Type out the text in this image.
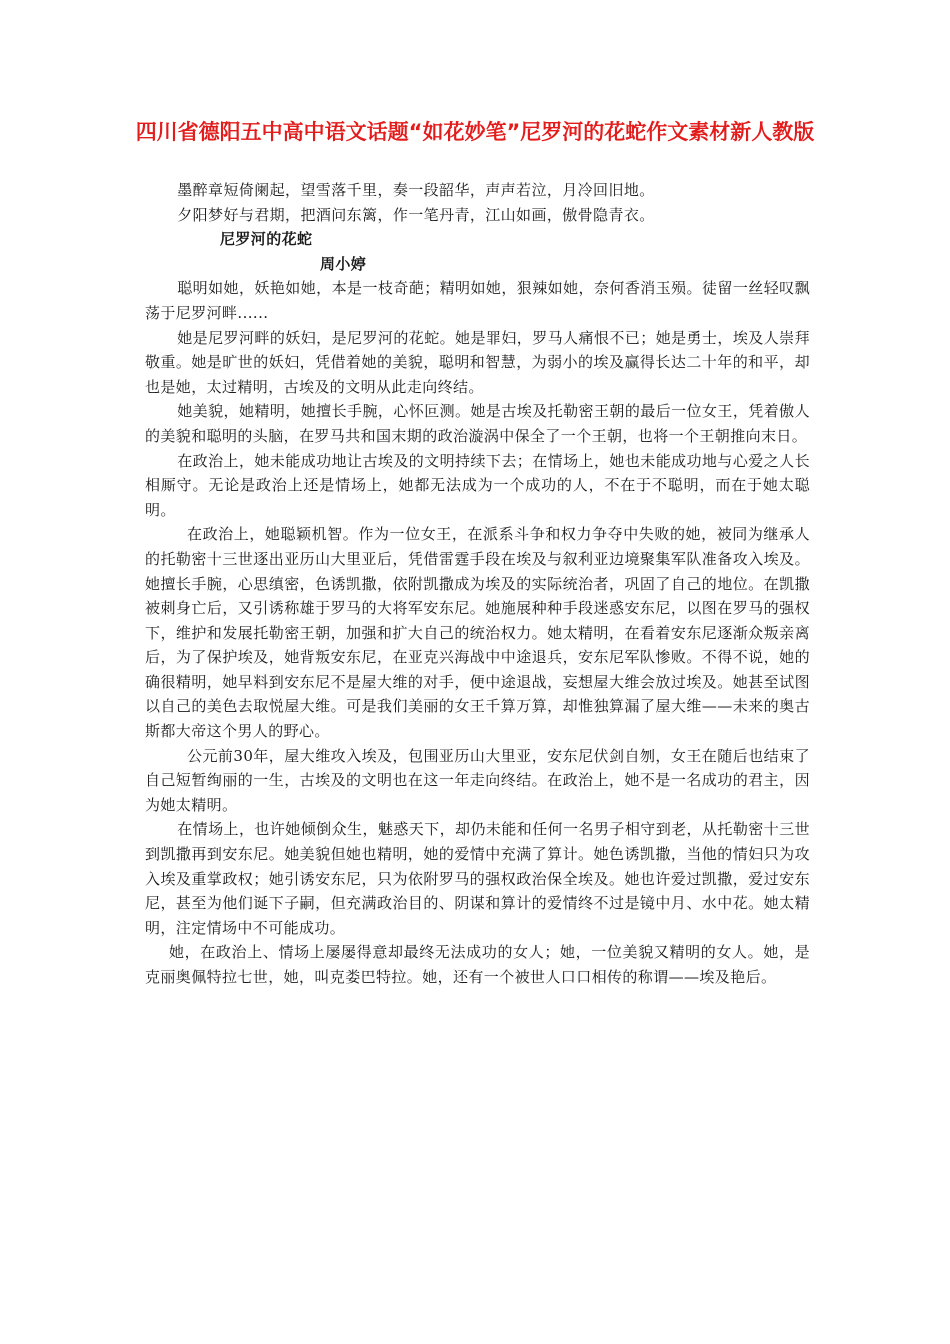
四川省德阳五中高中语文话题“如花妙笔”尼罗河的花蛇作文素材新人教版

墨醉章短倚阑起，望雪落千里，奏一段韶华，声声若泣，月冷回旧地。

夕阳梦好与君期，把酒问东篱，作一笔丹青，江山如画，傲骨隐青衣。

尼罗河的花蛇

周小婷

聪明如她，妖艳如她，本是一枝奇葩；精明如她，狠辣如她，奈何香消玉殒。徒留一丝轻叹飘荡于尼罗河畔......

她是尼罗河畔的妖妇，是尼罗河的花蛇。她是罪妇，罗马人痛恨不已；她是勇士，埃及人崇拜敬重。她是旷世的妖妇，凭借着她的美貌，聪明和智慧，为弱小的埃及赢得长达二十年的和平，却也是她，太过精明，古埃及的文明从此走向终结。

她美貌，她精明，她擅长手腕，心怀叵测。她是古埃及托勒密王朝的最后一位女王，凭着傲人的美貌和聪明的头脑，在罗马共和国末期的政治漩涡中保全了一个王朝，也将一个王朝推向末日。

在政治上，她未能成功地让古埃及的文明持续下去；在情场上，她也未能成功地与心爱之人长相厮守。无论是政治上还是情场上，她都无法成为一个成功的人，不在于不聪明，而在于她太聪明。

在政治上，她聪颖机智。作为一位女王，在派系斗争和权力争夺中失败的她，被同为继承人的托勒密十三世逐出亚历山大里亚后，凭借雷霆手段在埃及与叙利亚边境聚集军队准备攻入埃及。她擅长手腕，心思缜密，色诱凯撒，依附凯撒成为埃及的实际统治者，巩固了自己的地位。在凯撒被刺身亡后，又引诱称雄于罗马的大将军安东尼。她施展种种手段迷惑安东尼，以图在罗马的强权下，维护和发展托勒密王朝，加强和扩大自己的统治权力。她太精明，在看着安东尼逐渐众叛亲离后，为了保护埃及，她背叛安东尼，在亚克兴海战中中途退兵，安东尼军队惨败。不得不说，她的确很精明，她早料到安东尼不是屋大维的对手，便中途退战，妄想屋大维会放过埃及。她甚至试图以自己的美色去取悦屋大维。可是我们美丽的女王千算万算，却惟独算漏了屋大维——未来的奥古斯都大帝这个男人的野心。

公元前30年，屋大维攻入埃及，包围亚历山大里亚，安东尼伏剑自刎，女王在随后也结束了自己短暂绚丽的一生，古埃及的文明也在这一年走向终结。在政治上，她不是一名成功的君主，因为她太精明。

在情场上，也许她倾倒众生，魅惑天下，却仍未能和任何一名男子相守到老，从托勒密十三世到凯撒再到安东尼。她美貌但她也精明，她的爱情中充满了算计。她色诱凯撒，当他的情妇只为攻入埃及重掌政权；她引诱安东尼，只为依附罗马的强权政治保全埃及。她也许爱过凯撒，爱过安东尼，甚至为他们诞下子嗣，但充满政治目的、阴谋和算计的爱情终不过是镜中月、水中花。她太精明，注定情场中不可能成功。

她，在政治上、情场上屡屡得意却最终无法成功的女人；她，一位美貌又精明的女人。她，是克丽奥佩特拉七世，她，叫克娄巴特拉。她，还有一个被世人口口相传的称谓——埃及艳后。
